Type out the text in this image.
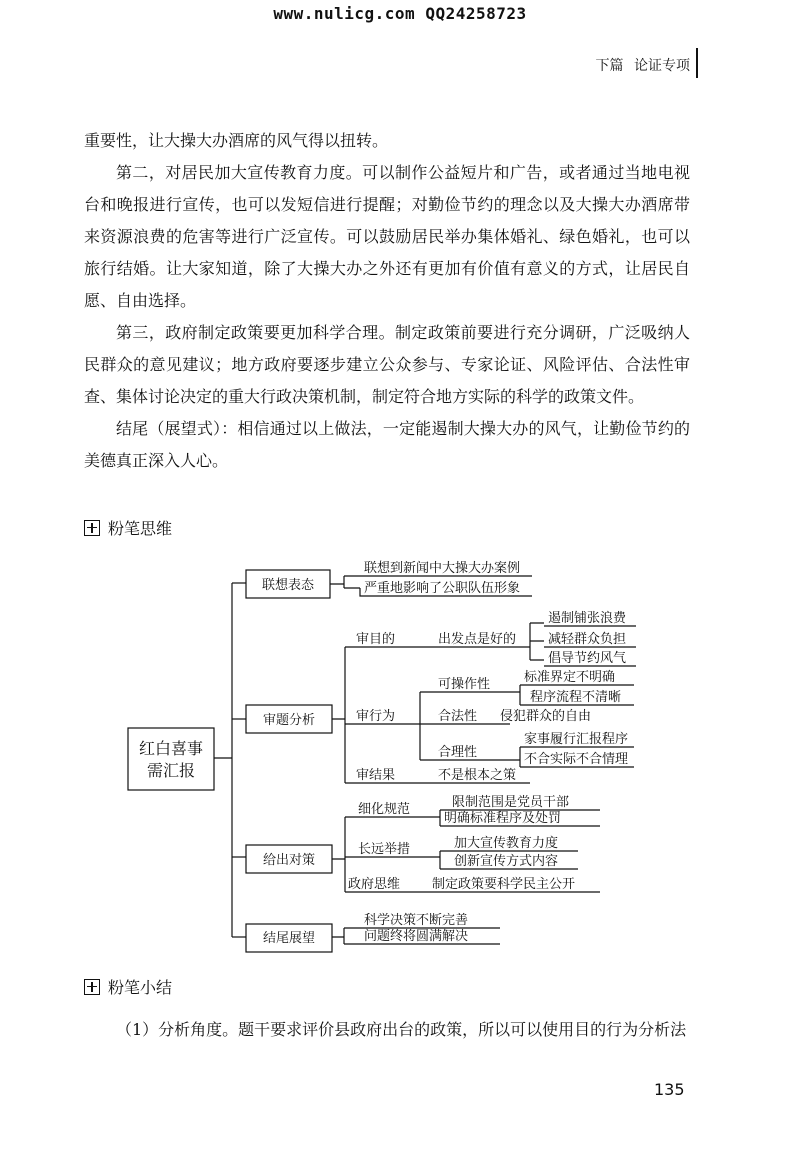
www.nulicg.com QQ24258723
下篇 论证专项

重要性，让大操大办酒席的风气得以扭转。

第二，对居民加大宣传教育力度。可以制作公益短片和广告，或者通过当地电视台和晚报进行宣传，也可以发短信进行提醒；对勤俭节约的理念以及大操大办酒席带来资源浪费的危害等进行广泛宣传。可以鼓励居民举办集体婚礼、绿色婚礼，也可以旅行结婚。让大家知道，除了大操大办之外还有更加有价值有意义的方式，让居民自愿、自由选择。

第三，政府制定政策要更加科学合理。制定政策前要进行充分调研，广泛吸纳人民群众的意见建议；地方政府要逐步建立公众参与、专家论证、风险评估、合法性审查、集体讨论决定的重大行政决策机制，制定符合地方实际的科学的政策文件。

结尾（展望式）：相信通过以上做法，一定能遏制大操大办的风气，让勤俭节约的美德真正深入人心。

粉笔思维
红白喜事
需汇报
联想表态
联想到新闻中大操大办案例
严重地影响了公职队伍形象
审题分析
审目的	出发点是好的
遏制铺张浪费
减轻群众负担
倡导节约风气
审行为
可操作性	标准界定不明确
程序流程不清晰
合法性 侵犯群众的自由
合理性
家事履行汇报程序
不合实际不合情理
审结果	不是根本之策
给出对策
细化规范	限制范围是党员干部
明确标准程序及处罚
长远举措	加大宣传教育力度
创新宣传方式内容
政府思维 制定政策要科学民主公开
结尾展望
科学决策不断完善
问题终将圆满解决
粉笔小结

（1）分析角度。题干要求评价县政府出台的政策，所以可以使用目的行为分析法

135
